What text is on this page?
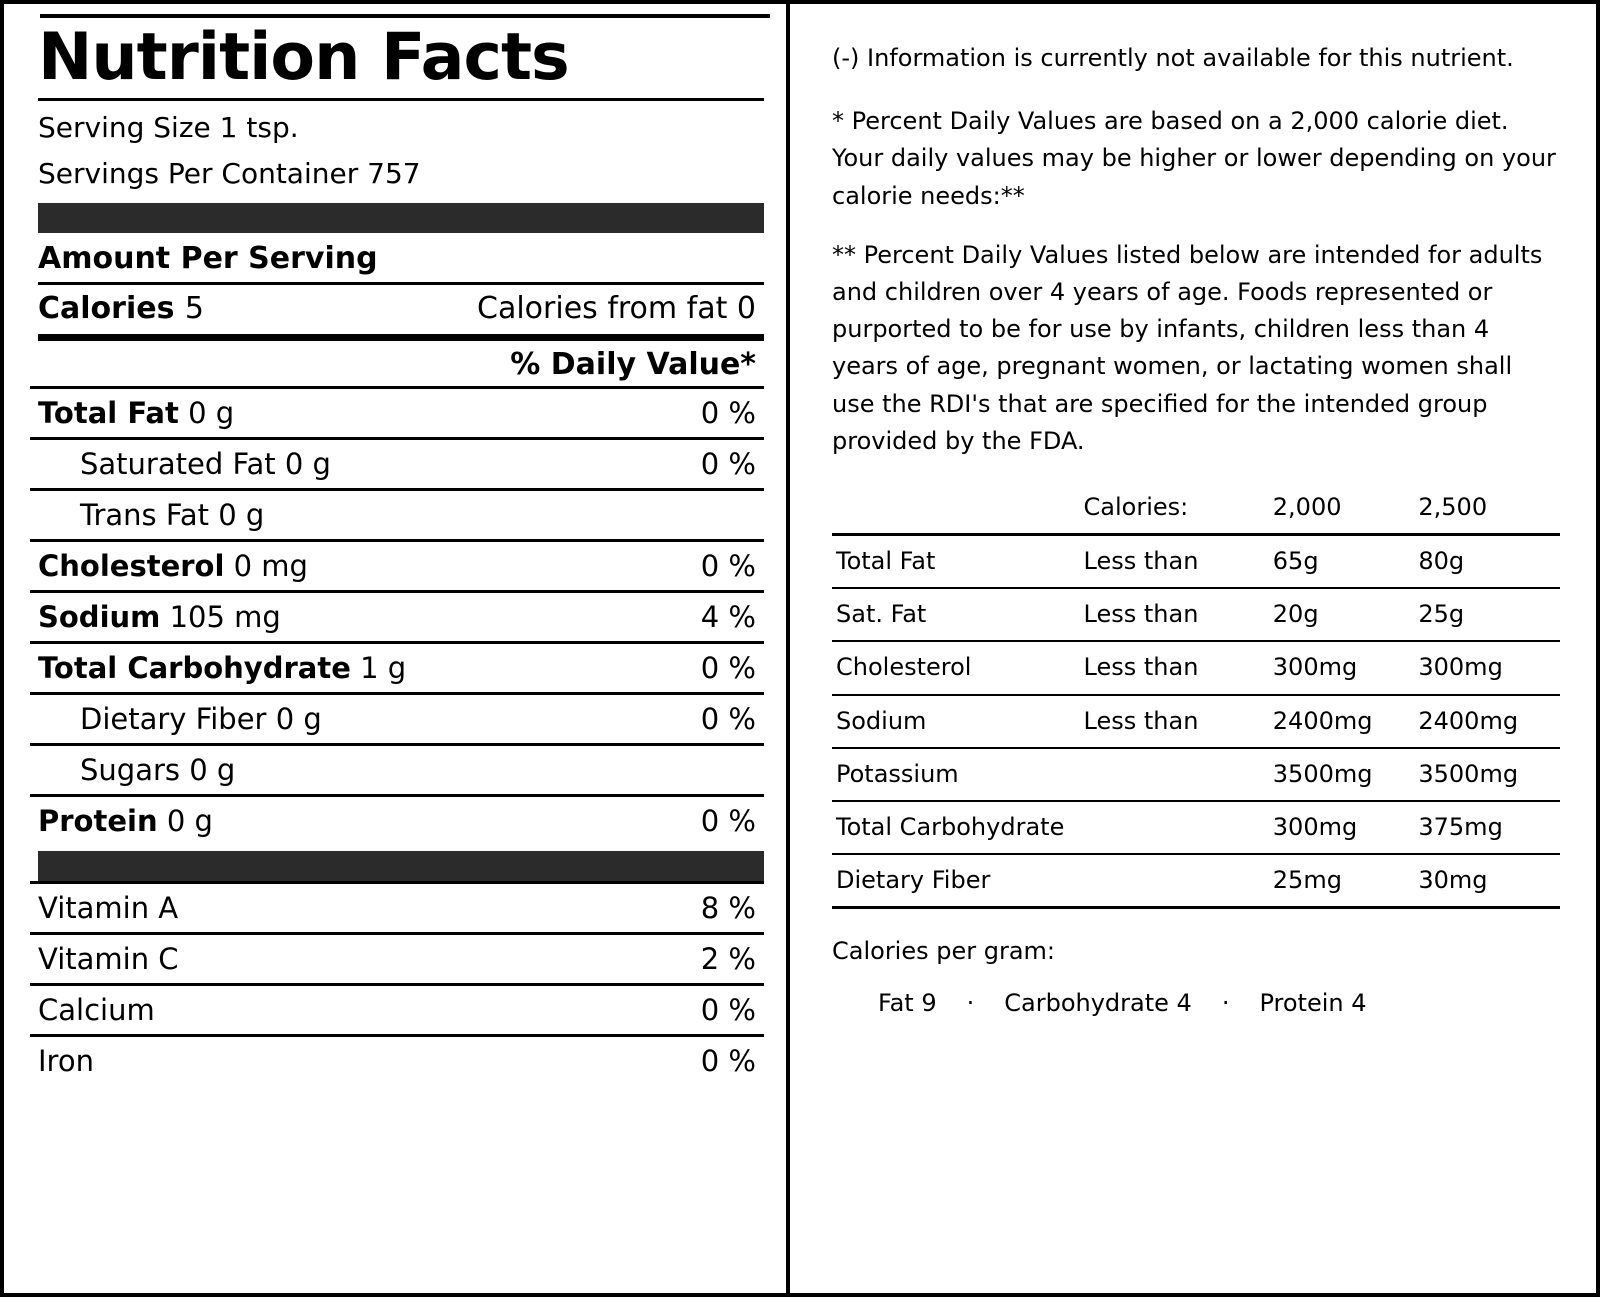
Nutrition Facts
Serving Size 1 tsp.
Servings Per Container 757
Amount Per Serving
Calories 5	Calories from fat 0
% Daily Value*
Total Fat 0 g	0 %
Saturated Fat 0 g	0 %
Trans Fat 0 g
Cholesterol 0 mg	0 %
Sodium 105 mg	4 %
Total Carbohydrate 1 g	0 %
Dietary Fiber 0 g	0 %
Sugars 0 g
Protein 0 g	0 %
Vitamin A	8 %
Vitamin C	2 %
Calcium	0 %
Iron	0 %

(-) Information is currently not available for this nutrient.

* Percent Daily Values are based on a 2,000 calorie diet. Your daily values may be higher or lower depending on your calorie needs:**

** Percent Daily Values listed below are intended for adults and children over 4 years of age. Foods represented or purported to be for use by infants, children less than 4 years of age, pregnant women, or lactating women shall use the RDI's that are specified for the intended group provided by the FDA.

	Calories:	2,000	2,500
Total Fat	Less than	65g	80g
Sat. Fat	Less than	20g	25g
Cholesterol	Less than	300mg	300mg
Sodium	Less than	2400mg	2400mg
Potassium		3500mg	3500mg
Total Carbohydrate		300mg	375mg
Dietary Fiber		25mg	30mg
Calories per gram:
Fat 9	·	Carbohydrate 4	·	Protein 4
